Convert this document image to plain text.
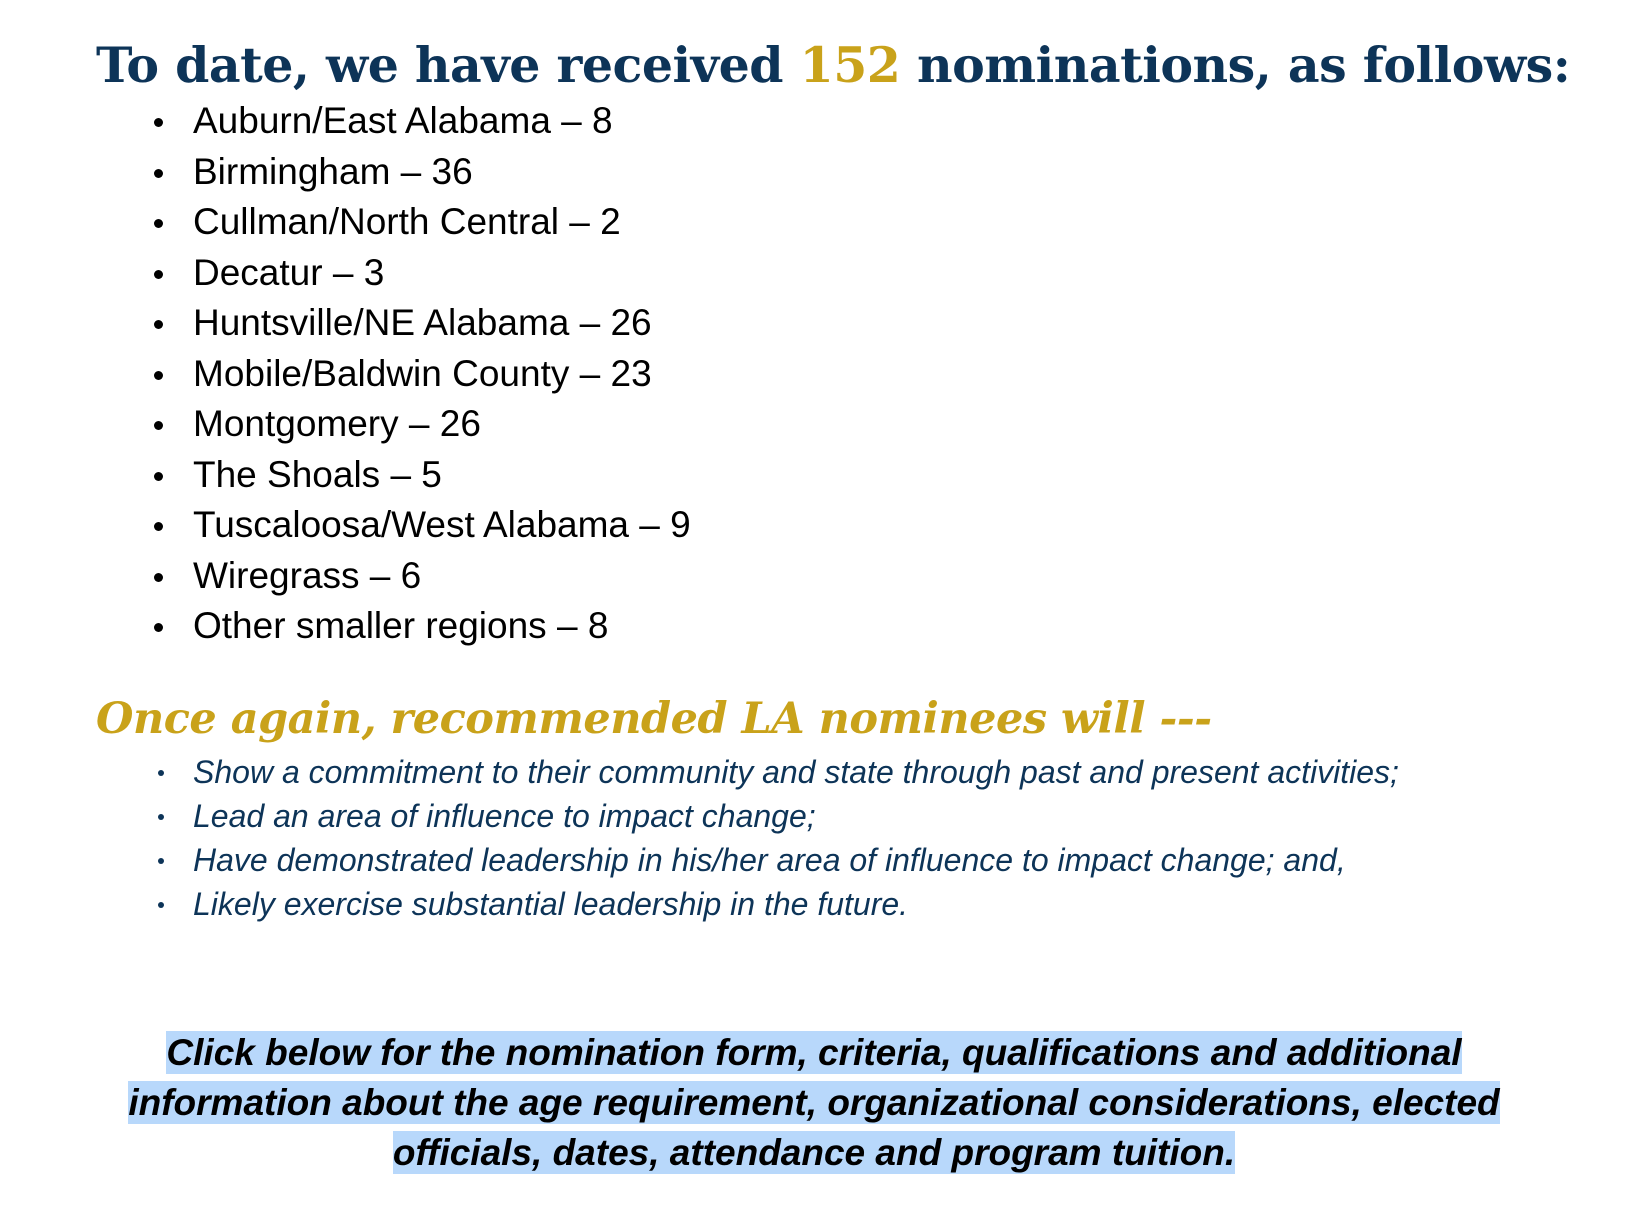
To date, we have received 152 nominations, as follows:
Auburn/East Alabama – 8
Birmingham – 36
Cullman/North Central – 2
Decatur – 3
Huntsville/NE Alabama – 26
Mobile/Baldwin County – 23
Montgomery – 26
The Shoals – 5
Tuscaloosa/West Alabama – 9
Wiregrass – 6
Other smaller regions – 8
Once again, recommended LA nominees will ---
Show a commitment to their community and state through past and present activities;
Lead an area of influence to impact change;
Have demonstrated leadership in his/her area of influence to impact change; and,
Likely exercise substantial leadership in the future.

Click below for the nomination form, criteria, qualifications and additional information about the age requirement, organizational considerations, elected officials, dates, attendance and program tuition.
